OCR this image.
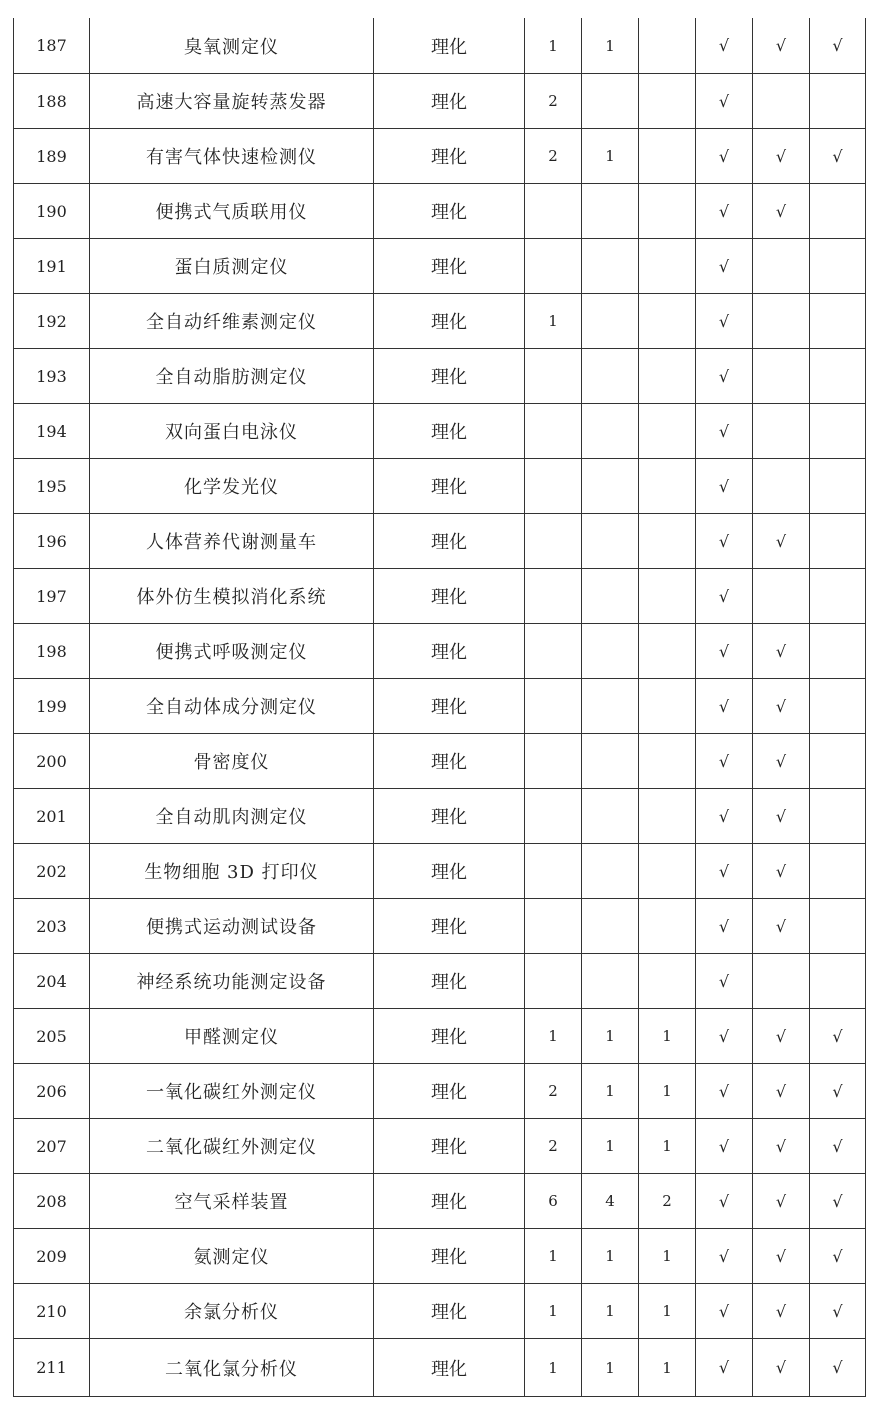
187	臭氧测定仪	理化	1	1		√	√	√
188	高速大容量旋转蒸发器	理化	2			√		
189	有害气体快速检测仪	理化	2	1		√	√	√
190	便携式气质联用仪	理化				√	√	
191	蛋白质测定仪	理化				√		
192	全自动纤维素测定仪	理化	1			√		
193	全自动脂肪测定仪	理化				√		
194	双向蛋白电泳仪	理化				√		
195	化学发光仪	理化				√		
196	人体营养代谢测量车	理化				√	√	
197	体外仿生模拟消化系统	理化				√		
198	便携式呼吸测定仪	理化				√	√	
199	全自动体成分测定仪	理化				√	√	
200	骨密度仪	理化				√	√	
201	全自动肌肉测定仪	理化				√	√	
202	生物细胞 3D 打印仪	理化				√	√	
203	便携式运动测试设备	理化				√	√	
204	神经系统功能测定设备	理化				√		
205	甲醛测定仪	理化	1	1	1	√	√	√
206	一氧化碳红外测定仪	理化	2	1	1	√	√	√
207	二氧化碳红外测定仪	理化	2	1	1	√	√	√
208	空气采样装置	理化	6	4	2	√	√	√
209	氨测定仪	理化	1	1	1	√	√	√
210	余氯分析仪	理化	1	1	1	√	√	√
211	二氧化氯分析仪	理化	1	1	1	√	√	√
